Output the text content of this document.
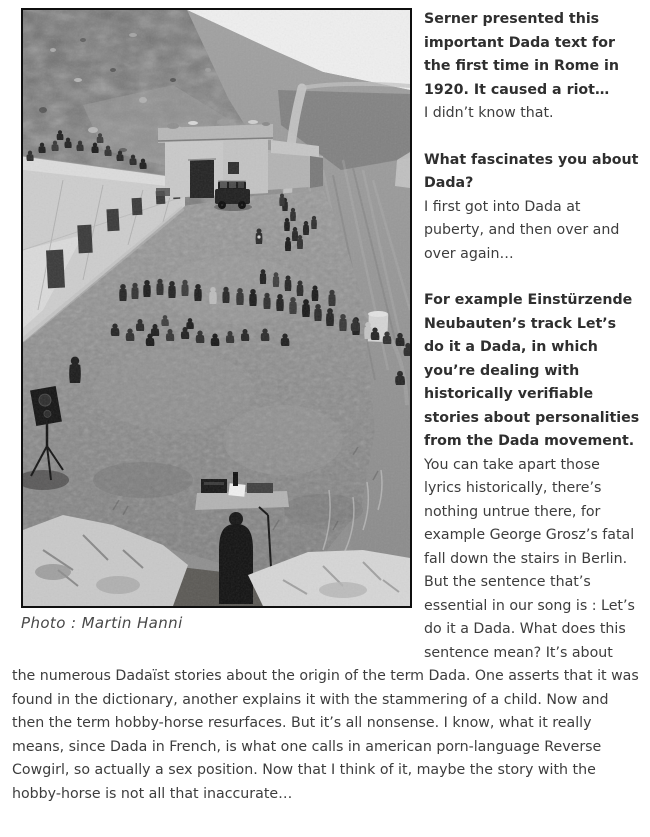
Photo : Martin Hanni

Serner presented this important Dada text for the first time in Rome in 1920. It caused a riot…
I didn’t know that.

What fascinates you about Dada?
I first got into Dada at puberty, and then over and over again…

For example Einstürzende Neubauten’s track Let’s do it a Dada, in which you’re dealing with historically verifiable stories about personalities from the Dada movement.
You can take apart those lyrics historically, there’s nothing untrue there, for example George Grosz’s fatal fall down the stairs in Berlin. But the sentence that’s essential in our song is : Let’s do it a Dada. What does this sentence mean? It’s about the numerous Dadaïst stories about the origin of the term Dada. One asserts that it was found in the dictionary, another explains it with the stammering of a child. Now and then the term hobby-horse resurfaces. But it’s all nonsense. I know, what it really means, since Dada in French, is what one calls in american porn-language Reverse Cowgirl, so actually a sex position. Now that I think of it, maybe the story with the hobby-horse is not all that inaccurate…
